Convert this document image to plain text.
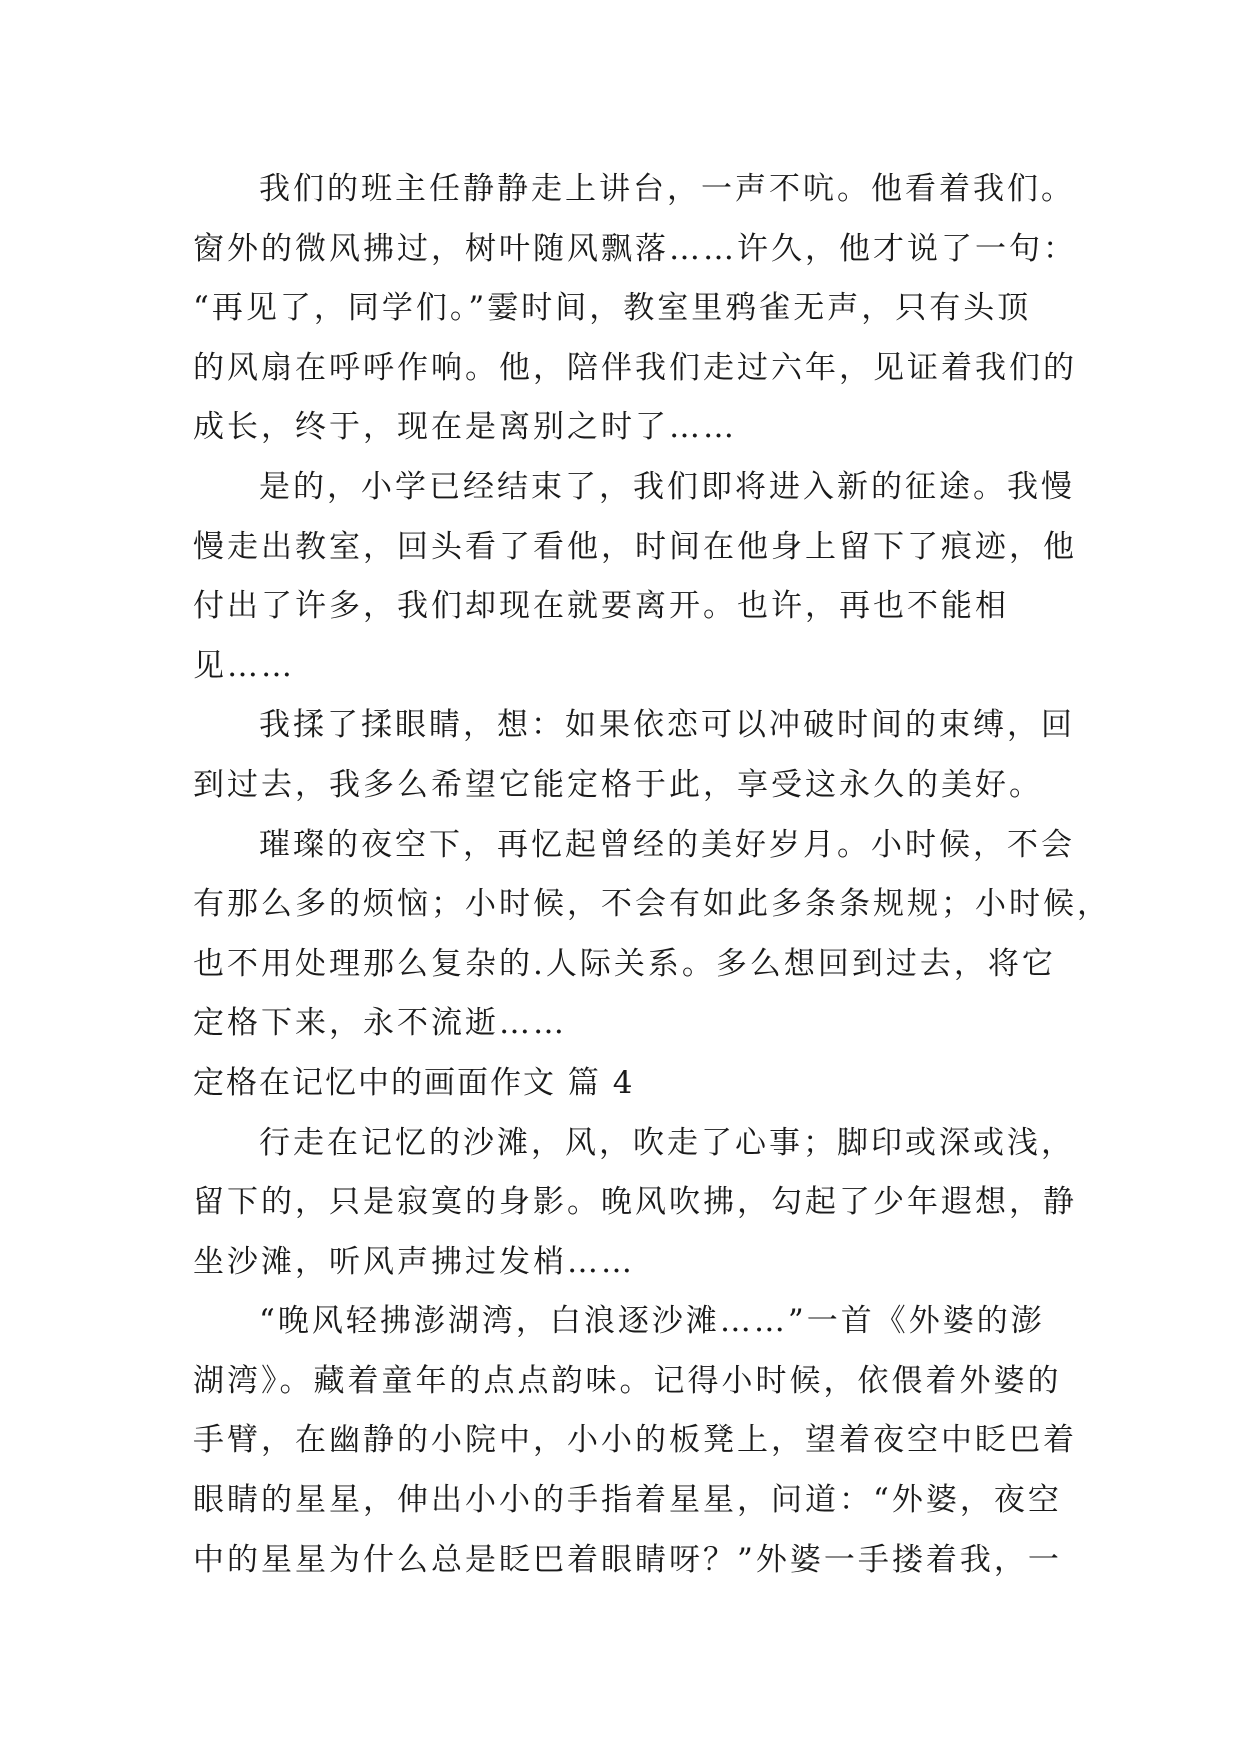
我们的班主任静静走上讲台，一声不吭。他看着我们。
窗外的微风拂过，树叶随风飘落……许久，他才说了一句：
“再见了，同学们。”霎时间，教室里鸦雀无声，只有头顶
的风扇在呼呼作响。他，陪伴我们走过六年，见证着我们的
成长，终于，现在是离别之时了……
是的，小学已经结束了，我们即将进入新的征途。我慢
慢走出教室，回头看了看他，时间在他身上留下了痕迹，他
付出了许多，我们却现在就要离开。也许，再也不能相
见……
我揉了揉眼睛，想：如果依恋可以冲破时间的束缚，回
到过去，我多么希望它能定格于此，享受这永久的美好。
璀璨的夜空下，再忆起曾经的美好岁月。小时候，不会
有那么多的烦恼；小时候，不会有如此多条条规规；小时候，
也不用处理那么复杂的.人际关系。多么想回到过去，将它
定格下来，永不流逝……
定格在记忆中的画面作文 篇 4
行走在记忆的沙滩，风，吹走了心事；脚印或深或浅，
留下的，只是寂寞的身影。晚风吹拂，勾起了少年遐想，静
坐沙滩，听风声拂过发梢……
“晚风轻拂澎湖湾，白浪逐沙滩……”一首《外婆的澎
湖湾》。藏着童年的点点韵味。记得小时候，依偎着外婆的
手臂，在幽静的小院中，小小的板凳上，望着夜空中眨巴着
眼睛的星星，伸出小小的手指着星星，问道：“外婆，夜空
中的星星为什么总是眨巴着眼睛呀？”外婆一手搂着我，一
